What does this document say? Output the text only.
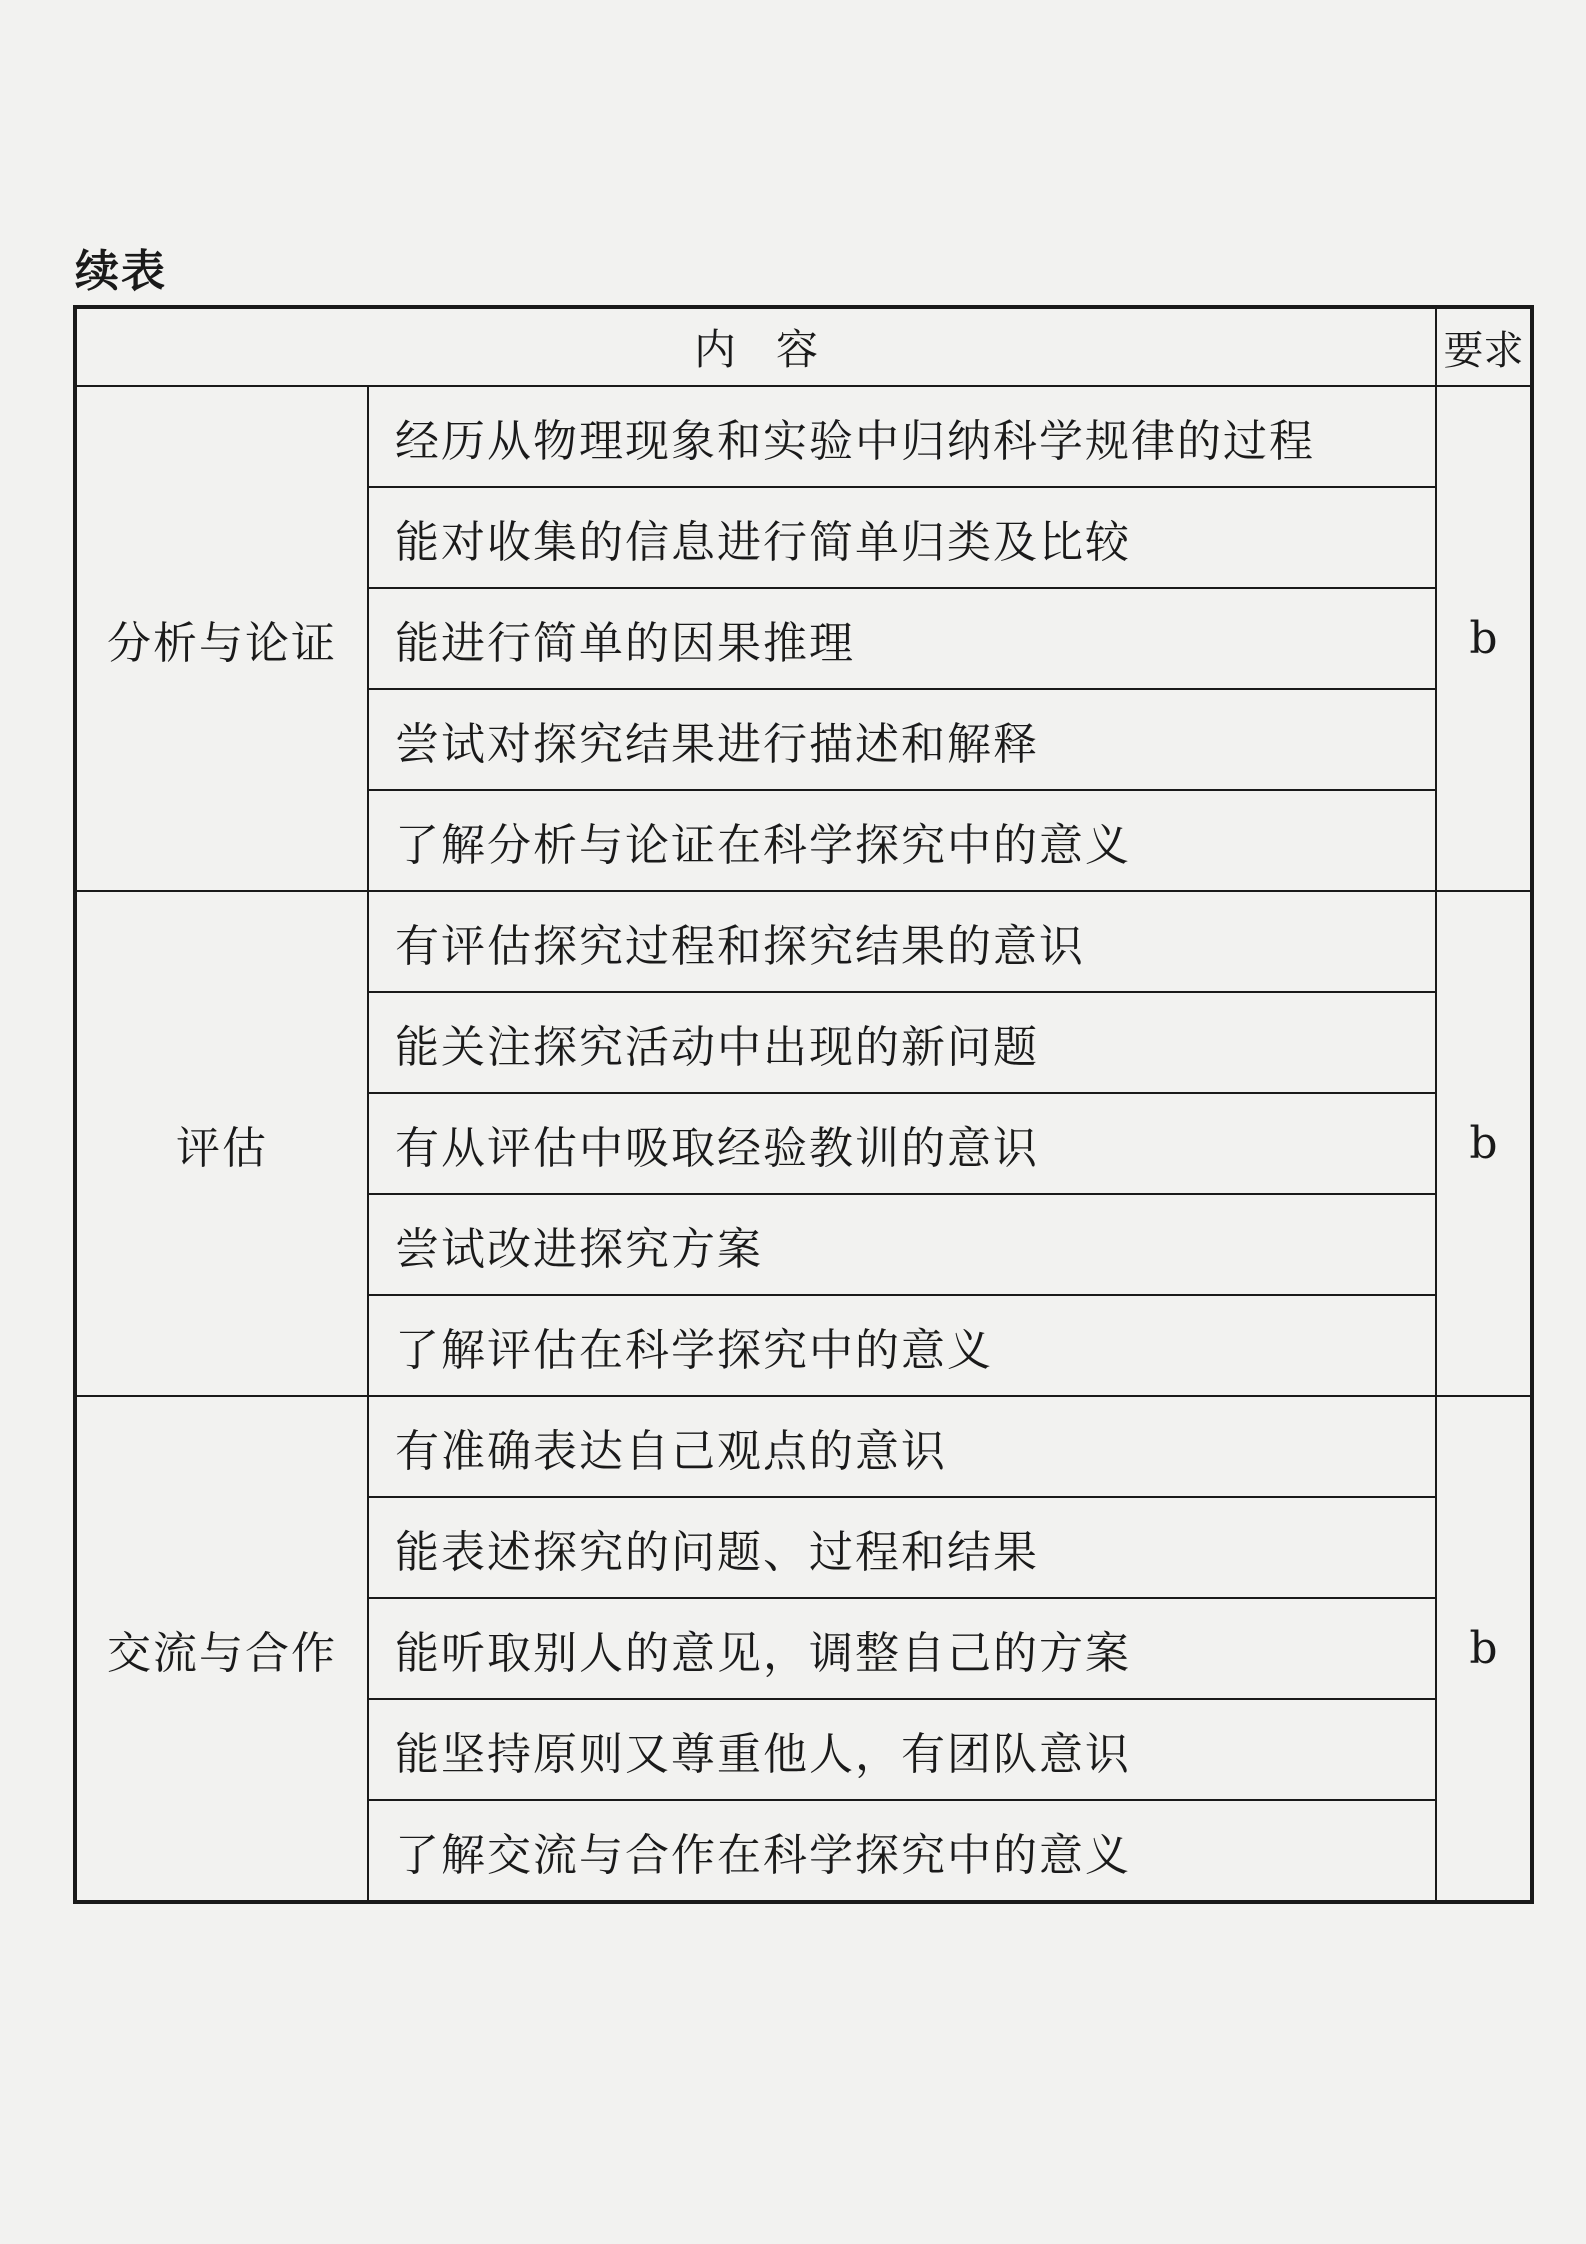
续表
内容		要求
分析与论证	经历从物理现象和实验中归纳科学规律的过程	b
	能对收集的信息进行简单归类及比较	
	能进行简单的因果推理	
	尝试对探究结果进行描述和解释	
	了解分析与论证在科学探究中的意义	
评估	有评估探究过程和探究结果的意识	b
	能关注探究活动中出现的新问题	
	有从评估中吸取经验教训的意识	
	尝试改进探究方案	
	了解评估在科学探究中的意义	
交流与合作	有准确表达自己观点的意识	b
	能表述探究的问题、过程和结果	
	能听取别人的意见，调整自己的方案	
	能坚持原则又尊重他人，有团队意识	
	了解交流与合作在科学探究中的意义	
